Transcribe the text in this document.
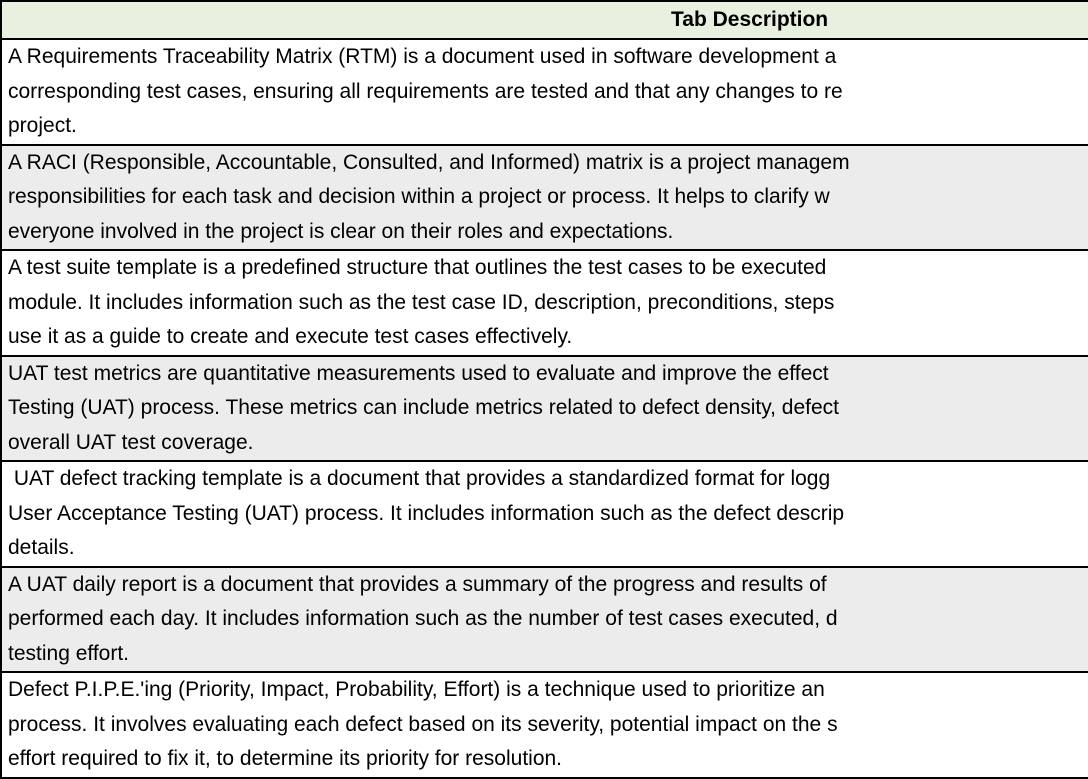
Tab Description

A Requirements Traceability Matrix (RTM) is a document used in software development a
corresponding test cases, ensuring all requirements are tested and that any changes to re
project.

A RACI (Responsible, Accountable, Consulted, and Informed) matrix is a project managem
responsibilities for each task and decision within a project or process. It helps to clarify w
everyone involved in the project is clear on their roles and expectations.

A test suite template is a predefined structure that outlines the test cases to be executed
module. It includes information such as the test case ID, description, preconditions, steps
use it as a guide to create and execute test cases effectively.

UAT test metrics are quantitative measurements used to evaluate and improve the effect
Testing (UAT) process. These metrics can include metrics related to defect density, defect
overall UAT test coverage.

UAT defect tracking template is a document that provides a standardized format for logg
User Acceptance Testing (UAT) process. It includes information such as the defect descrip
details.

A UAT daily report is a document that provides a summary of the progress and results of
performed each day. It includes information such as the number of test cases executed, d
testing effort.

Defect P.I.P.E.'ing (Priority, Impact, Probability, Effort) is a technique used to prioritize an
process. It involves evaluating each defect based on its severity, potential impact on the s
effort required to fix it, to determine its priority for resolution.
